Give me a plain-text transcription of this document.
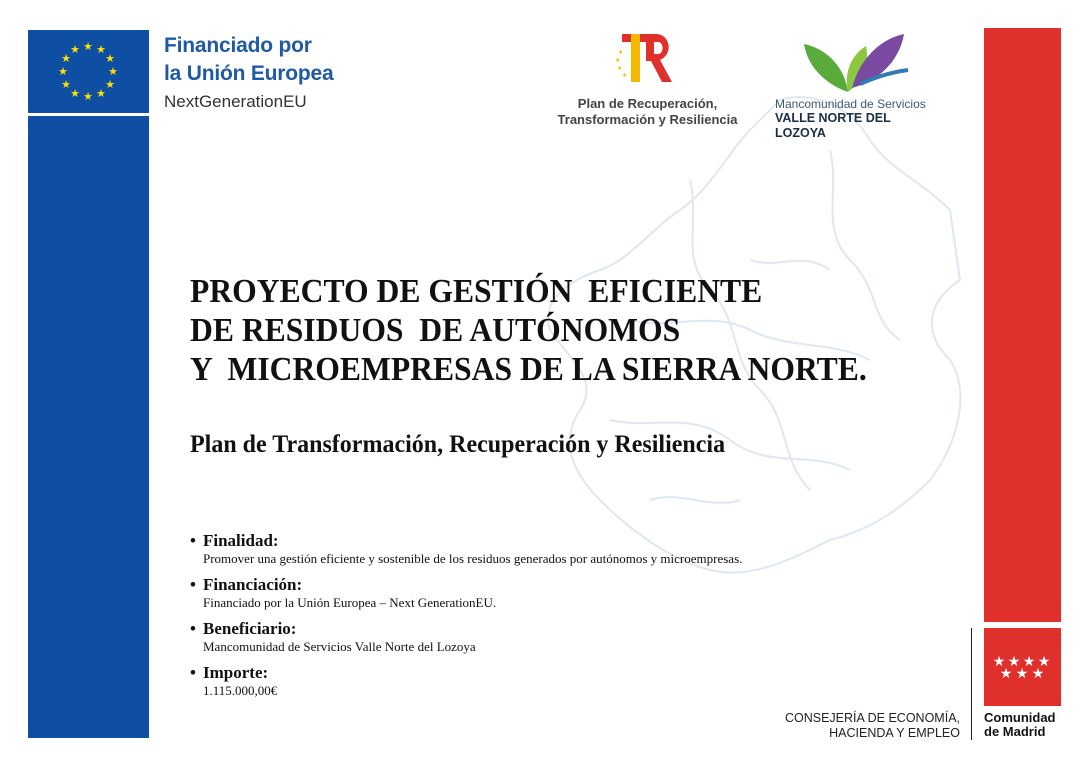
★ ★
★
★
★
★
★
★
★
★
★
★	Financiado por
la Unión Europea
NextGenerationEU
★
★
★
★
Plan de Recuperación,
Transformación y Resiliencia
Mancomunidad de Servicios
VALLE NORTE DEL LOZOYA
PROYECTO DE GESTIÓN  EFICIENTE
DE RESIDUOS  DE AUTÓNOMOS
Y  MICROEMPRESAS DE LA SIERRA NORTE.
Plan de Transformación, Recuperación y Resiliencia
• Finalidad:
Promover una gestión eficiente y sostenible de los residuos generados por autónomos y microempresas.
• Financiación:
Financiado por la Unión Europea – Next GenerationEU.
• Beneficiario:
Mancomunidad de Servicios Valle Norte del Lozoya
• Importe:
1.115.000,00€
★ ★ ★ ★
★ ★ ★
CONSEJERÍA DE ECONOMÍA,
HACIENDA Y EMPLEO
Comunidad
de Madrid
